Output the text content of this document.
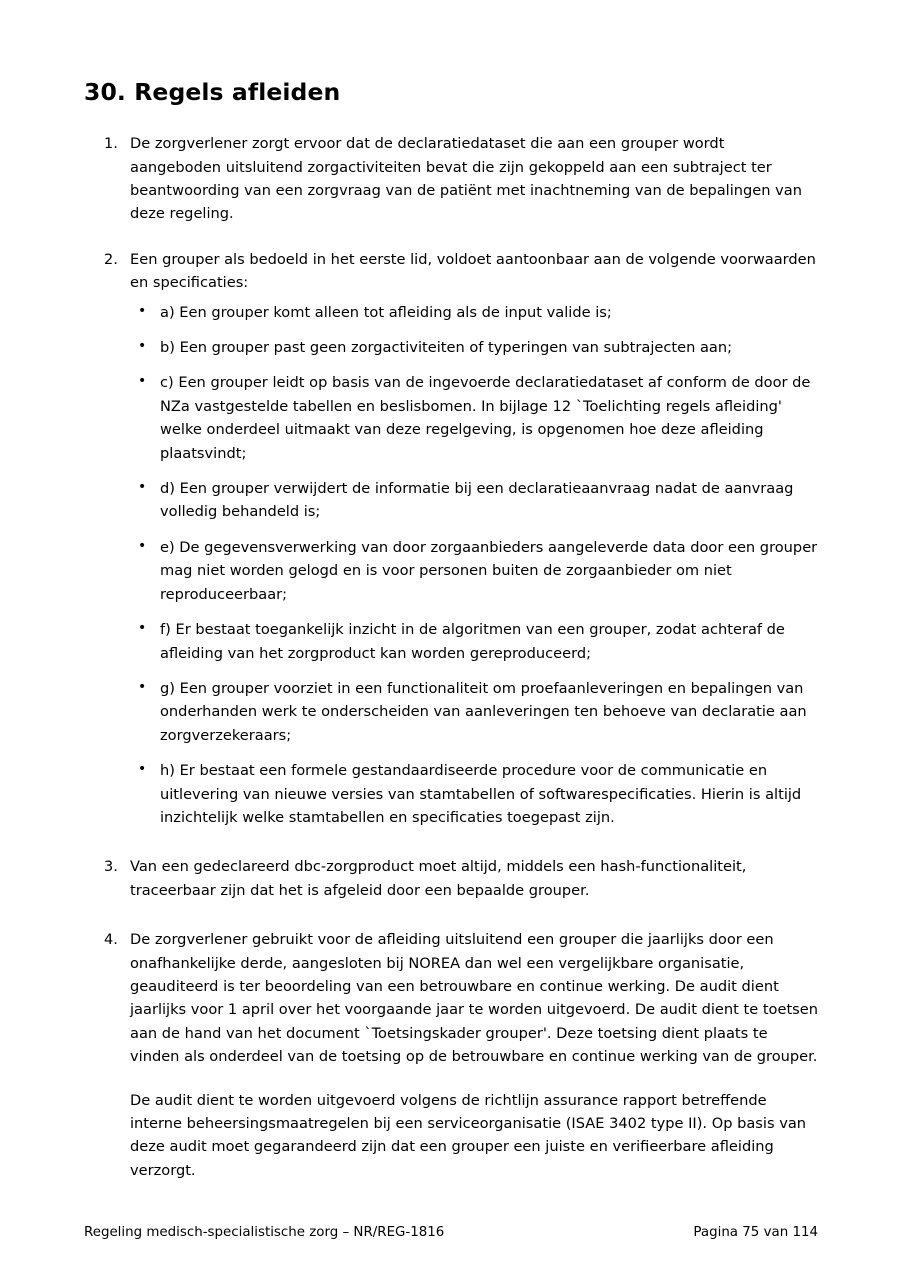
30. Regels afleiden
1. De zorgverlener zorgt ervoor dat de declaratiedataset die aan een grouper wordt aangeboden uitsluitend zorgactiviteiten bevat die zijn gekoppeld aan een subtraject ter beantwoording van een zorgvraag van de patiënt met inachtneming van de bepalingen van deze regeling.

2. Een grouper als bedoeld in het eerste lid, voldoet aantoonbaar aan de volgende voorwaarden en specificaties:

• a) Een grouper komt alleen tot afleiding als de input valide is;
• b) Een grouper past geen zorgactiviteiten of typeringen van subtrajecten aan;
• c) Een grouper leidt op basis van de ingevoerde declaratiedataset af conform de door de NZa vastgestelde tabellen en beslisbomen. In bijlage 12 `Toelichting regels afleiding' welke onderdeel uitmaakt van deze regelgeving, is opgenomen hoe deze afleiding plaatsvindt;
• d) Een grouper verwijdert de informatie bij een declaratieaanvraag nadat de aanvraag volledig behandeld is;
• e) De gegevensverwerking van door zorgaanbieders aangeleverde data door een grouper mag niet worden gelogd en is voor personen buiten de zorgaanbieder om niet reproduceerbaar;
• f) Er bestaat toegankelijk inzicht in de algoritmen van een grouper, zodat achteraf de afleiding van het zorgproduct kan worden gereproduceerd;
• g) Een grouper voorziet in een functionaliteit om proefaanleveringen en bepalingen van onderhanden werk te onderscheiden van aanleveringen ten behoeve van declaratie aan zorgverzekeraars;
• h) Er bestaat een formele gestandaardiseerde procedure voor de communicatie en uitlevering van nieuwe versies van stamtabellen of softwarespecificaties. Hierin is altijd inzichtelijk welke stamtabellen en specificaties toegepast zijn.
3. Van een gedeclareerd dbc-zorgproduct moet altijd, middels een hash-functionaliteit, traceerbaar zijn dat het is afgeleid door een bepaalde grouper.

4. De zorgverlener gebruikt voor de afleiding uitsluitend een grouper die jaarlijks door een onafhankelijke derde, aangesloten bij NOREA dan wel een vergelijkbare organisatie, geauditeerd is ter beoordeling van een betrouwbare en continue werking. De audit dient jaarlijks voor 1 april over het voorgaande jaar te worden uitgevoerd. De audit dient te toetsen aan de hand van het document `Toetsingskader grouper'. Deze toetsing dient plaats te vinden als onderdeel van de toetsing op de betrouwbare en continue werking van de grouper.

De audit dient te worden uitgevoerd volgens de richtlijn assurance rapport betreffende interne beheersingsmaatregelen bij een serviceorganisatie (ISAE 3402 type II). Op basis van deze audit moet gegarandeerd zijn dat een grouper een juiste en verifieerbare afleiding verzorgt.

Regeling medisch-specialistische zorg – NR/REG-1816	Pagina 75 van 114
